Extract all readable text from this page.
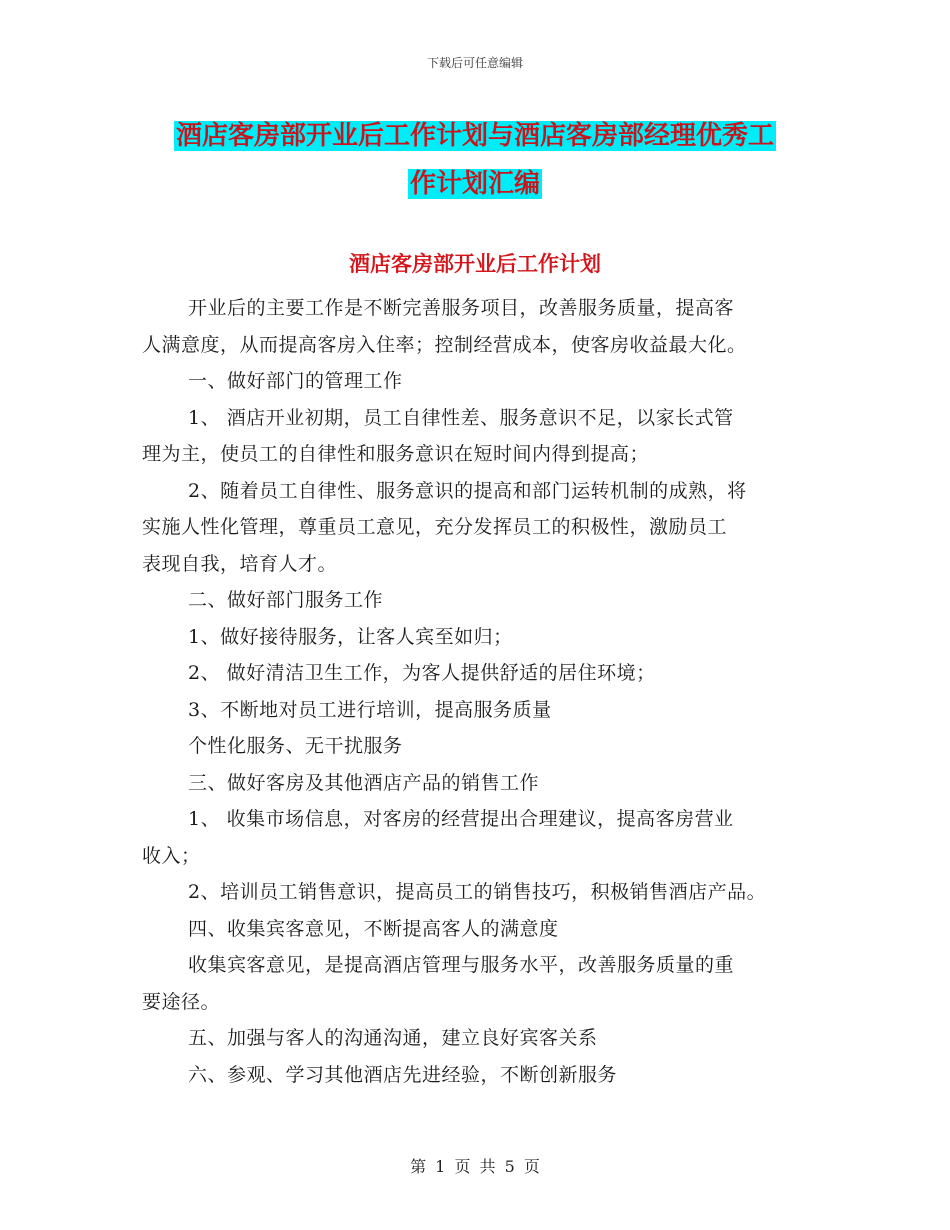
下载后可任意编辑
酒店客房部开业后工作计划与酒店客房部经理优秀工
作计划汇编
酒店客房部开业后工作计划

开业后的主要工作是不断完善服务项目，改善服务质量，提高客
人满意度，从而提高客房入住率；控制经营成本，使客房收益最大化。
一、做好部门的管理工作
1、 酒店开业初期，员工自律性差、服务意识不足，以家长式管
理为主，使员工的自律性和服务意识在短时间内得到提高；
2、随着员工自律性、服务意识的提高和部门运转机制的成熟，将
实施人性化管理，尊重员工意见，充分发挥员工的积极性，激励员工
表现自我，培育人才。
二、做好部门服务工作
1、做好接待服务，让客人宾至如归；
2、 做好清洁卫生工作，为客人提供舒适的居住环境；
3、不断地对员工进行培训，提高服务质量
个性化服务、无干扰服务
三、做好客房及其他酒店产品的销售工作
1、 收集市场信息，对客房的经营提出合理建议，提高客房营业
收入；
2、培训员工销售意识，提高员工的销售技巧，积极销售酒店产品。
四、收集宾客意见，不断提高客人的满意度
收集宾客意见，是提高酒店管理与服务水平，改善服务质量的重
要途径。
五、加强与客人的沟通沟通，建立良好宾客关系
六、参观、学习其他酒店先进经验，不断创新服务

第 1 页 共 5 页
